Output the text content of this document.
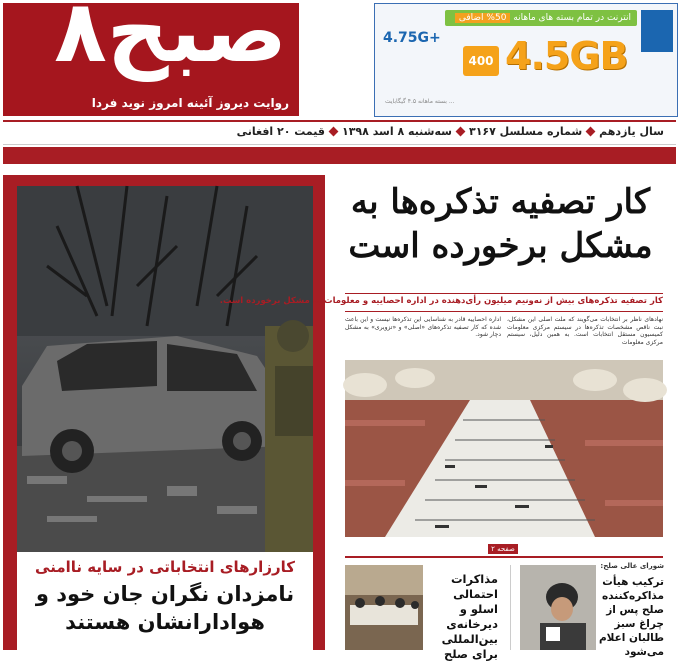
۸صبح
روایت دیروز آئینه امروز نوید فردا
انترنت در تمام بسته های ماهانه 50% اضافی
4.75G+
400 4.5GB
بسته ماهانه ۴.۵ گیگابایت ...
سال یازدهمشماره مسلسل ۳۱۶۷سه‌شنبه ۸ اسد ۱۳۹۸قیمت ۲۰ افغانی
کارزارهای انتخاباتی در سایه ناامنی
نامزدان نگران جان خود و هوادارانشان هستند
کار تصفیه تذکره‌ها به مشکل برخورده است
کار تصفیه تذکره‌های بیش از نه‌ونیم میلیون رأی‌دهنده در اداره احصاییه و معلومات به مشکل برخورده است.
نهادهای ناظر بر انتخابات می‌گویند که ملت اصلی این مشکل، نبت ناقص مشخصات تذکره‌ها در سیستم مرکزی معلومات کمیسیون مستقل انتخابات است. به همین دلیل، سیستم مرکزی معلومات
اداره احصاییه قادر به شناسایی این تذکره‌ها نیست و این باعث شده که کار تصفیه تذکره‌های «اصلی» و «تزویری» به مشکل دچار شود.
صفحه ۲
مذاکرات احتمالی اسلو و دیرخانه‌ی بین‌المللی برای صلح
شورای عالی صلح:
ترکیب هیأت مذاکره‌کننده صلح پس از چراغ سبز طالبان اعلام می‌شود
